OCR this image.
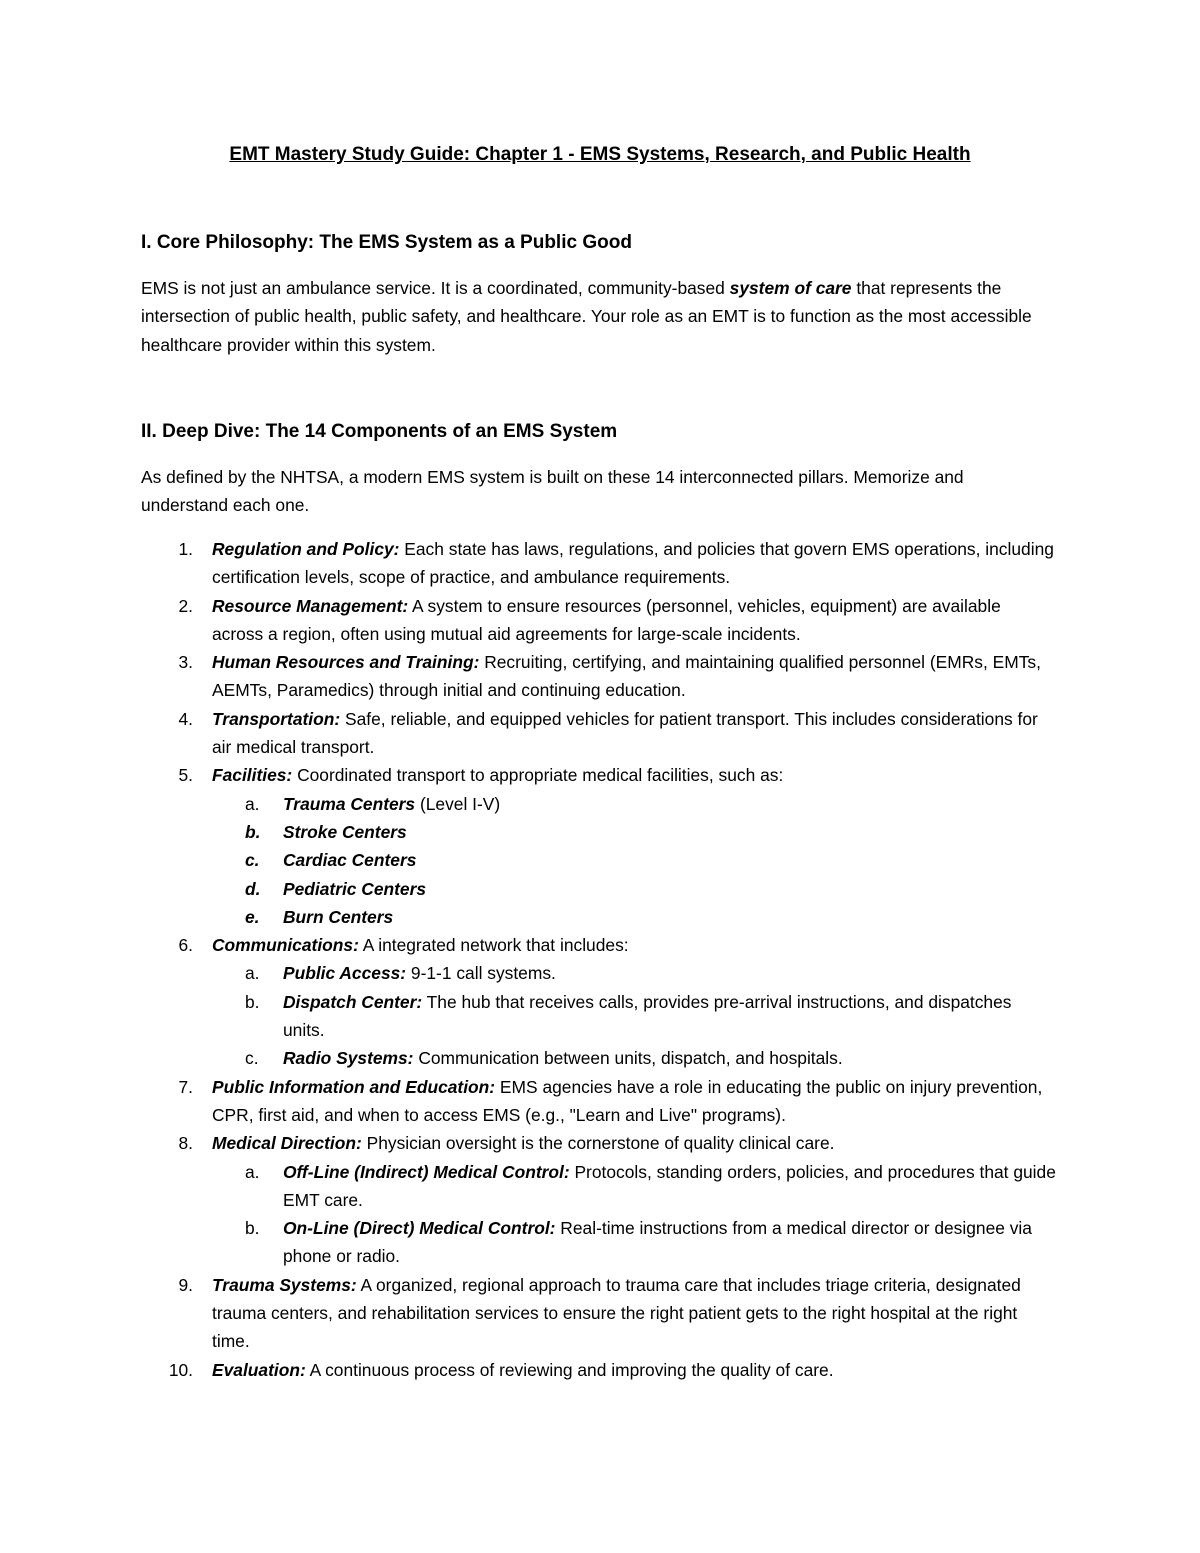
EMT Mastery Study Guide: Chapter 1 - EMS Systems, Research, and Public Health
I. Core Philosophy: The EMS System as a Public Good
EMS is not just an ambulance service. It is a coordinated, community-based system of care that represents the intersection of public health, public safety, and healthcare. Your role as an EMT is to function as the most accessible healthcare provider within this system.
II. Deep Dive: The 14 Components of an EMS System
As defined by the NHTSA, a modern EMS system is built on these 14 interconnected pillars. Memorize and understand each one.
1. Regulation and Policy: Each state has laws, regulations, and policies that govern EMS operations, including certification levels, scope of practice, and ambulance requirements.
2. Resource Management: A system to ensure resources (personnel, vehicles, equipment) are available across a region, often using mutual aid agreements for large-scale incidents.
3. Human Resources and Training: Recruiting, certifying, and maintaining qualified personnel (EMRs, EMTs, AEMTs, Paramedics) through initial and continuing education.
4. Transportation: Safe, reliable, and equipped vehicles for patient transport. This includes considerations for air medical transport.
5. Facilities: Coordinated transport to appropriate medical facilities, such as:
a.	Trauma Centers (Level I-V)
b. Stroke Centers
c.	Cardiac Centers
d. Pediatric Centers
e.	Burn Centers
6. Communications: A integrated network that includes:
a.	Public Access: 9-1-1 call systems.
b.	Dispatch Center: The hub that receives calls, provides pre-arrival instructions, and dispatches units.
c.	Radio Systems: Communication between units, dispatch, and hospitals.
7. Public Information and Education: EMS agencies have a role in educating the public on injury prevention, CPR, first aid, and when to access EMS (e.g., "Learn and Live" programs).
8. Medical Direction: Physician oversight is the cornerstone of quality clinical care.
a.	Off-Line (Indirect) Medical Control: Protocols, standing orders, policies, and procedures that guide EMT care.
b.	On-Line (Direct) Medical Control: Real-time instructions from a medical director or designee via phone or radio.
9. Trauma Systems: A organized, regional approach to trauma care that includes triage criteria, designated trauma centers, and rehabilitation services to ensure the right patient gets to the right hospital at the right time.
10. Evaluation: A continuous process of reviewing and improving the quality of care.
